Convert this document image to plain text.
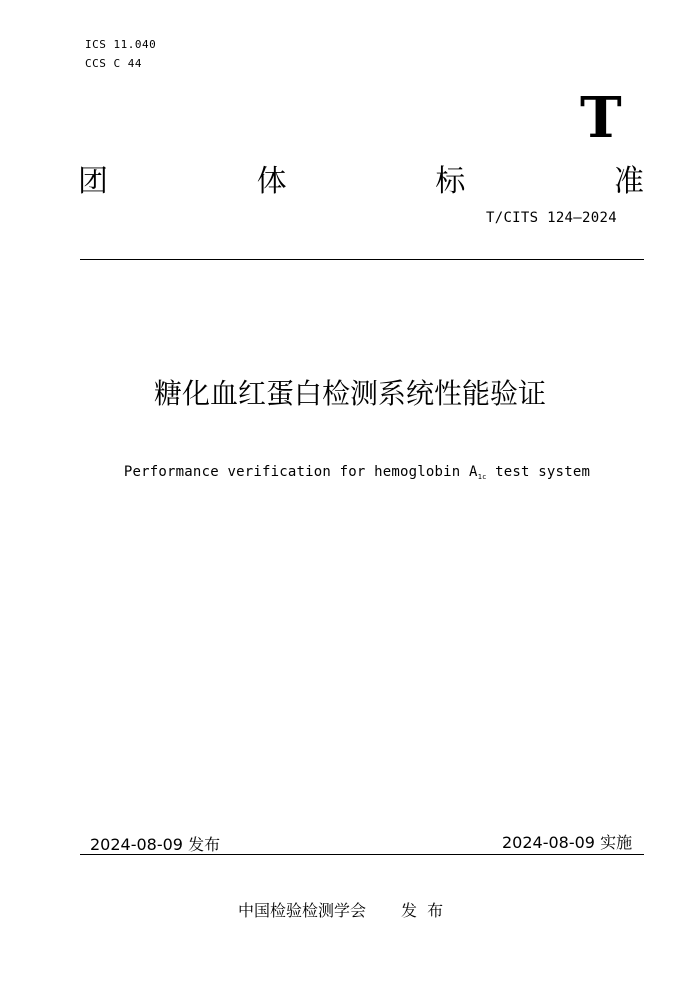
ICS 11.040
CCS C 44
T
团	体	标	准
T/CITS 124—2024
糖化血红蛋白检测系统性能验证
Performance verification for hemoglobin $A_{1c}$ test system
2024-08-09 发布	2024-08-09 实施
中国检验检测学会 发  布
